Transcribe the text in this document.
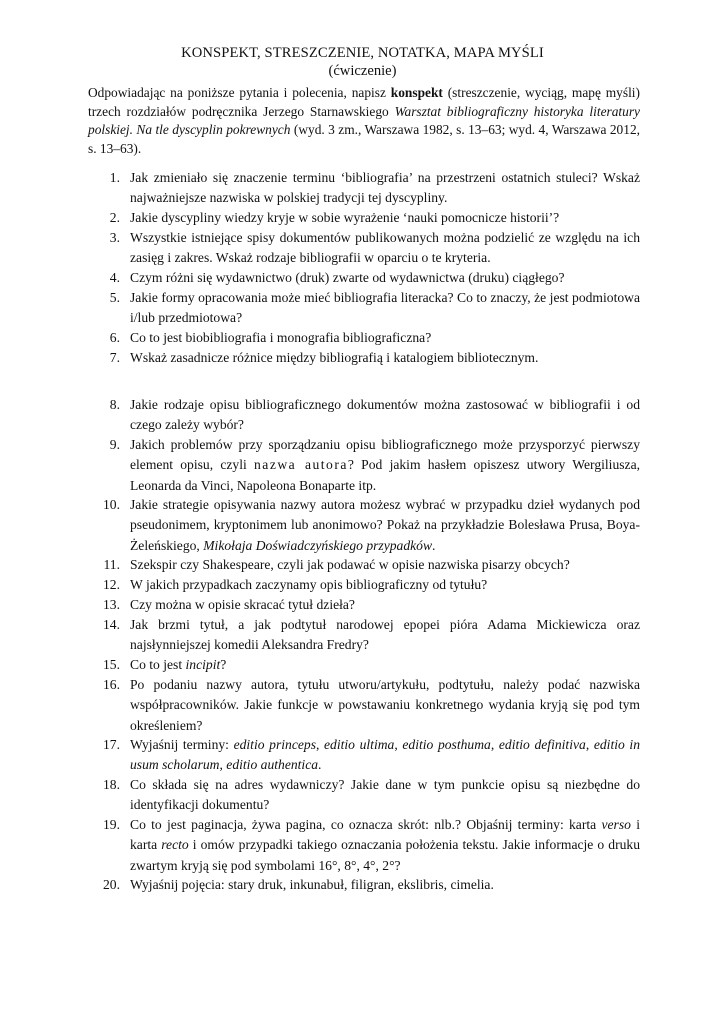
KONSPEKT, STRESZCZENIE, NOTATKA, MAPA MYŚLI
(ćwiczenie)
Odpowiadając na poniższe pytania i polecenia, napisz konspekt (streszczenie, wyciąg, mapę myśli) trzech rozdziałów podręcznika Jerzego Starnawskiego Warsztat bibliograficzny historyka literatury polskiej. Na tle dyscyplin pokrewnych (wyd. 3 zm., Warszawa 1982, s. 13–63; wyd. 4, Warszawa 2012, s. 13–63).
1. Jak zmieniało się znaczenie terminu ‘bibliografia’ na przestrzeni ostatnich stuleci? Wskaż najważniejsze nazwiska w polskiej tradycji tej dyscypliny.
2. Jakie dyscypliny wiedzy kryje w sobie wyrażenie ‘nauki pomocnicze historii’?
3. Wszystkie istniejące spisy dokumentów publikowanych można podzielić ze względu na ich zasięg i zakres. Wskaż rodzaje bibliografii w oparciu o te kryteria.
4. Czym różni się wydawnictwo (druk) zwarte od wydawnictwa (druku) ciągłego?
5. Jakie formy opracowania może mieć bibliografia literacka? Co to znaczy, że jest podmiotowa i/lub przedmiotowa?
6. Co to jest biobibliografia i monografia bibliograficzna?
7. Wskaż zasadnicze różnice między bibliografią i katalogiem bibliotecznym.
8. Jakie rodzaje opisu bibliograficznego dokumentów można zastosować w bibliografii i od czego zależy wybór?
9. Jakich problemów przy sporządzaniu opisu bibliograficznego może przysporzyć pierwszy element opisu, czyli nazwa autora? Pod jakim hasłem opiszesz utwory Wergiliusza, Leonarda da Vinci, Napoleona Bonaparte itp.
10. Jakie strategie opisywania nazwy autora możesz wybrać w przypadku dzieł wydanych pod pseudonimem, kryptonimem lub anonimowo? Pokaż na przykładzie Bolesława Prusa, Boya-Żeleńskiego, Mikołaja Doświadczyńskiego przypadków.
11. Szekspir czy Shakespeare, czyli jak podawać w opisie nazwiska pisarzy obcych?
12. W jakich przypadkach zaczynamy opis bibliograficzny od tytułu?
13. Czy można w opisie skracać tytuł dzieła?
14. Jak brzmi tytuł, a jak podtytuł narodowej epopei pióra Adama Mickiewicza oraz najsłynniejszej komedii Aleksandra Fredry?
15. Co to jest incipit?
16. Po podaniu nazwy autora, tytułu utworu/artykułu, podtytułu, należy podać nazwiska współpracowników. Jakie funkcje w powstawaniu konkretnego wydania kryją się pod tym określeniem?
17. Wyjaśnij terminy: editio princeps, editio ultima, editio posthuma, editio definitiva, editio in usum scholarum, editio authentica.
18. Co składa się na adres wydawniczy? Jakie dane w tym punkcie opisu są niezbędne do identyfikacji dokumentu?
19. Co to jest paginacja, żywa pagina, co oznacza skrót: nlb.? Objaśnij terminy: karta verso i karta recto i omów przypadki takiego oznaczania położenia tekstu. Jakie informacje o druku zwartym kryją się pod symbolami 16°, 8°, 4°, 2°?
20. Wyjaśnij pojęcia: stary druk, inkunabuł, filigran, ekslibris, cimelia.
